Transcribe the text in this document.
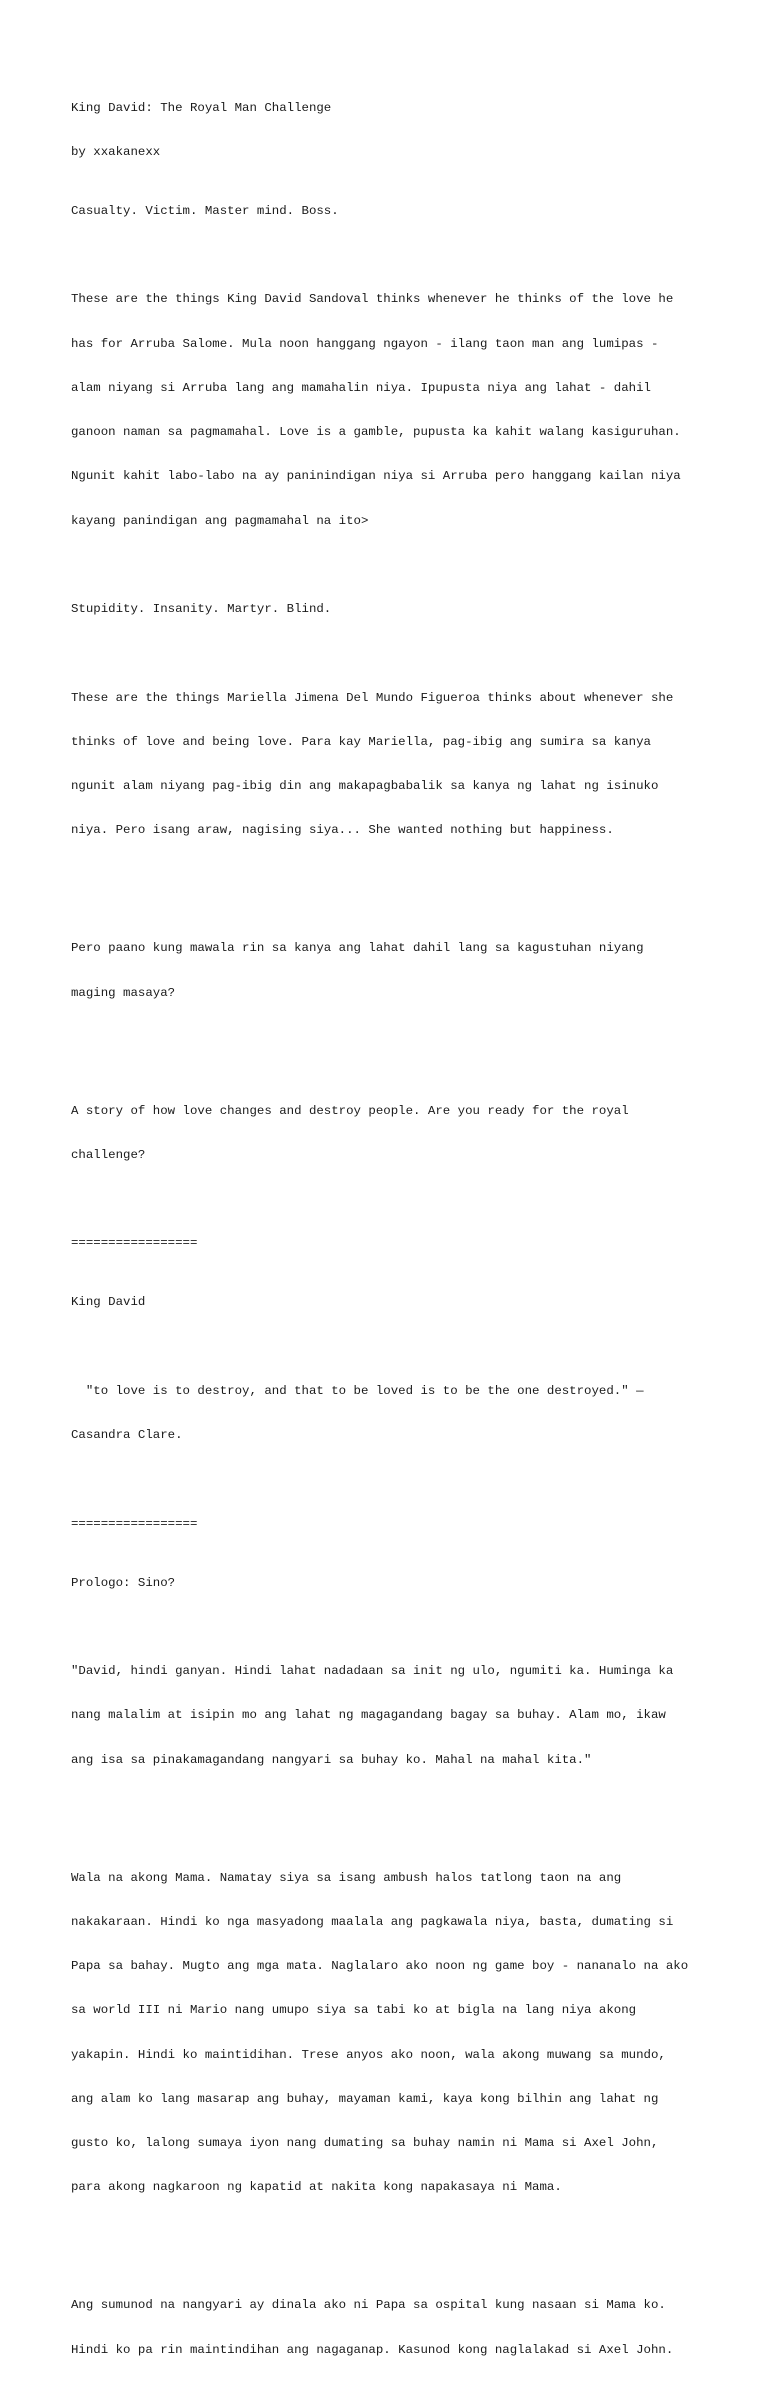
King David: The Royal Man Challenge

by xxakanexx

Casualty. Victim. Master mind. Boss.

These are the things King David Sandoval thinks whenever he thinks of the love he

has for Arruba Salome. Mula noon hanggang ngayon - ilang taon man ang lumipas -

alam niyang si Arruba lang ang mamahalin niya. Ipupusta niya ang lahat - dahil

ganoon naman sa pagmamahal. Love is a gamble, pupusta ka kahit walang kasiguruhan.

Ngunit kahit labo-labo na ay paninindigan niya si Arruba pero hanggang kailan niya

kayang panindigan ang pagmamahal na ito>

Stupidity. Insanity. Martyr. Blind.

These are the things Mariella Jimena Del Mundo Figueroa thinks about whenever she

thinks of love and being love. Para kay Mariella, pag-ibig ang sumira sa kanya

ngunit alam niyang pag-ibig din ang makapagbabalik sa kanya ng lahat ng isinuko

niya. Pero isang araw, nagising siya... She wanted nothing but happiness.

Pero paano kung mawala rin sa kanya ang lahat dahil lang sa kagustuhan niyang

maging masaya?

A story of how love changes and destroy people. Are you ready for the royal

challenge?

=================

King David

"to love is to destroy, and that to be loved is to be the one destroyed." —

Casandra Clare.

=================

Prologo: Sino?

"David, hindi ganyan. Hindi lahat nadadaan sa init ng ulo, ngumiti ka. Huminga ka

nang malalim at isipin mo ang lahat ng magagandang bagay sa buhay. Alam mo, ikaw

ang isa sa pinakamagandang nangyari sa buhay ko. Mahal na mahal kita."

Wala na akong Mama. Namatay siya sa isang ambush halos tatlong taon na ang

nakakaraan. Hindi ko nga masyadong maalala ang pagkawala niya, basta, dumating si

Papa sa bahay. Mugto ang mga mata. Naglalaro ako noon ng game boy - nananalo na ako

sa world III ni Mario nang umupo siya sa tabi ko at bigla na lang niya akong

yakapin. Hindi ko maintidihan. Trese anyos ako noon, wala akong muwang sa mundo,

ang alam ko lang masarap ang buhay, mayaman kami, kaya kong bilhin ang lahat ng

gusto ko, lalong sumaya iyon nang dumating sa buhay namin ni Mama si Axel John,

para akong nagkaroon ng kapatid at nakita kong napakasaya ni Mama.

Ang sumunod na nangyari ay dinala ako ni Papa sa ospital kung nasaan si Mama ko.

Hindi ko pa rin maintindihan ang nagaganap. Kasunod kong naglalakad si Axel John.
